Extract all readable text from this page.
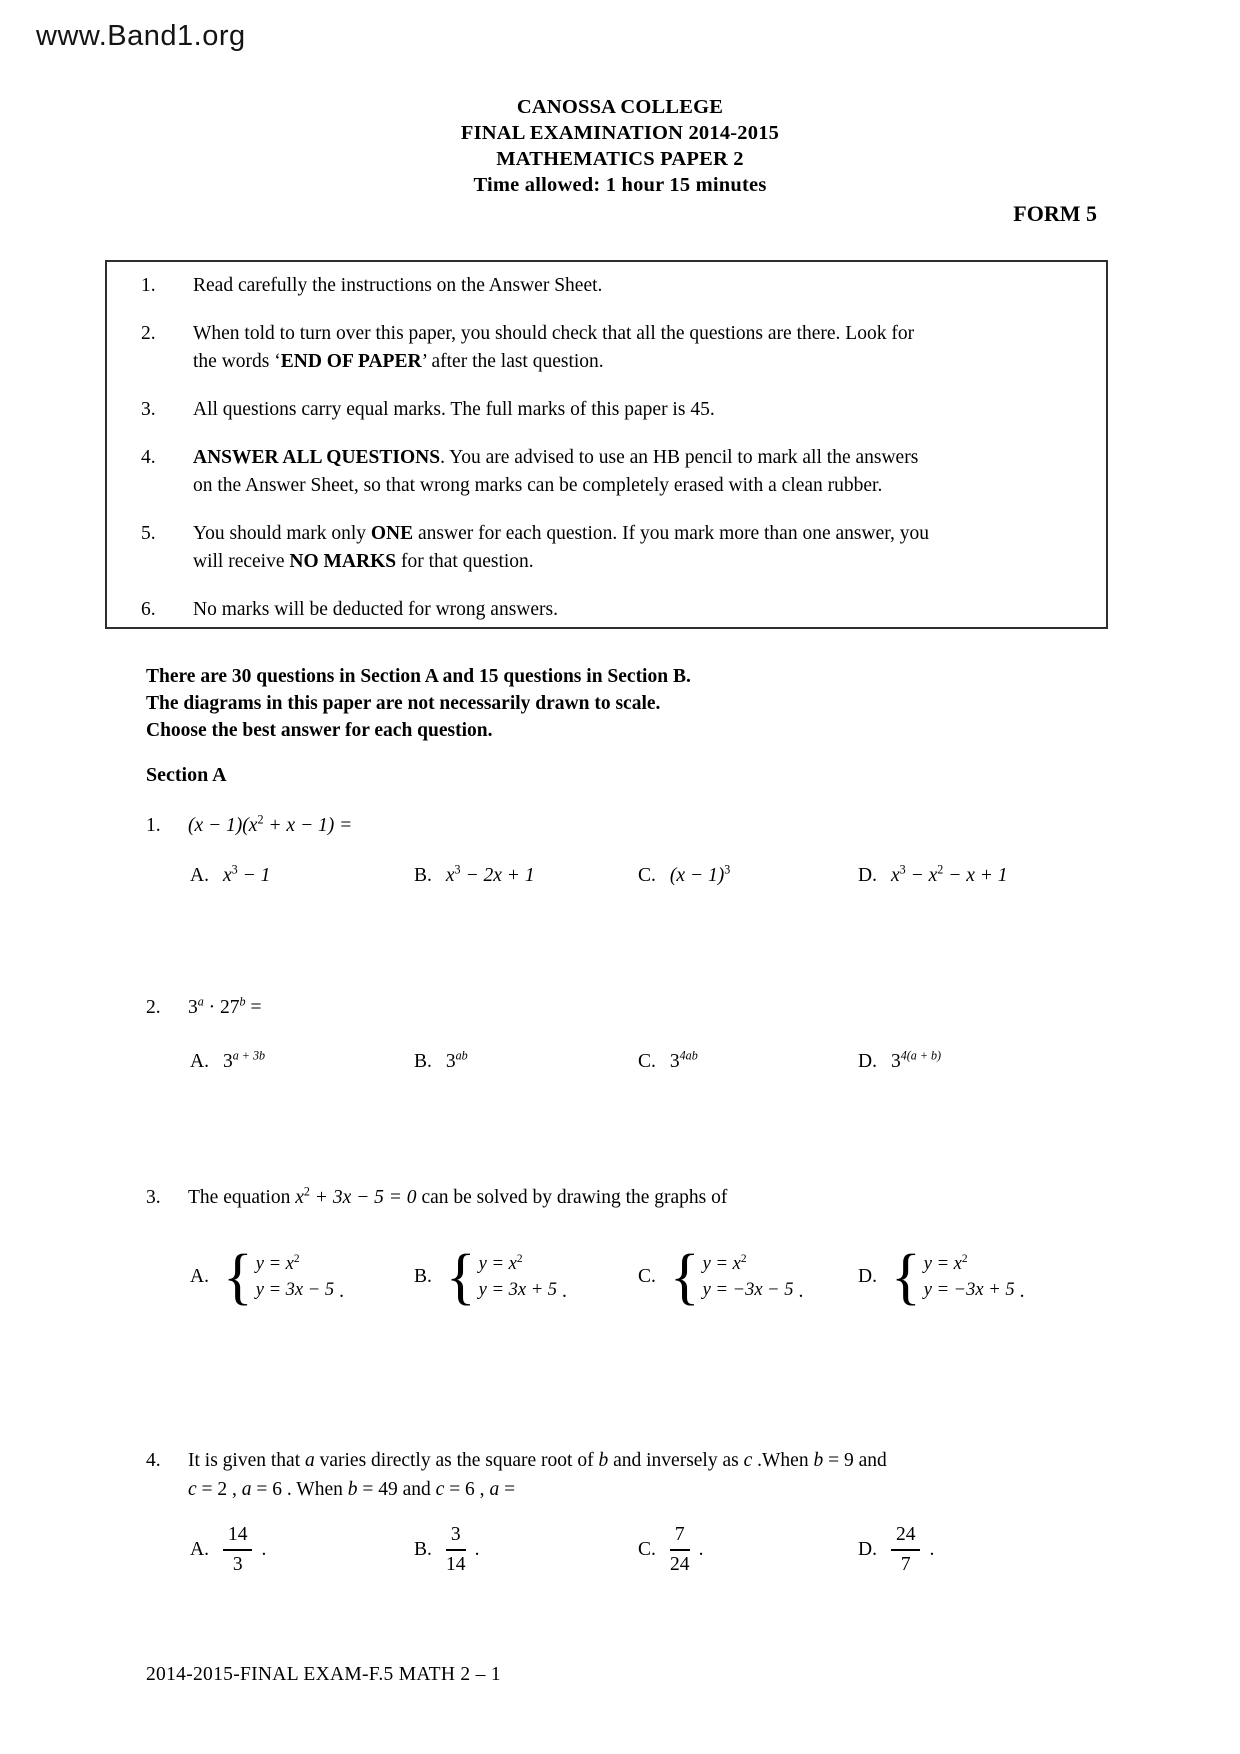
www.Band1.org
CANOSSA COLLEGE
FINAL EXAMINATION 2014-2015
MATHEMATICS PAPER 2
Time allowed: 1 hour 15 minutes
FORM 5
1.	Read carefully the instructions on the Answer Sheet.
2.	When told to turn over this paper, you should check that all the questions are there. Look for
the words ‘END OF PAPER’ after the last question.
3.	All questions carry equal marks. The full marks of this paper is 45.
4.	ANSWER ALL QUESTIONS. You are advised to use an HB pencil to mark all the answers
on the Answer Sheet, so that wrong marks can be completely erased with a clean rubber.
5.	You should mark only ONE answer for each question. If you mark more than one answer, you
will receive NO MARKS for that question.
6.	No marks will be deducted for wrong answers.
There are 30 questions in Section A and 15 questions in Section B.
The diagrams in this paper are not necessarily drawn to scale.
Choose the best answer for each question.
Section A
1.	$(x - 1)(x^2 + x - 1)$ =
A. $x^3 - 1$	B. $x^3 - 2x + 1$	C. $(x - 1)^3$	D. $x^3 - x^2 - x + 1$
2.	$3^a \cdot 27^b$ =
A. $3^{a + 3b}$	B. $3^{ab}$	C. $3^{4ab}$	D. $3^{4(a + b)}$
3.	The equation $x^2 + 3x - 5 = 0$ can be solved by drawing the graphs of
A. { $y = x^2$
y = 3x − 5 .
B. { $y = x^2$
y = 3x + 5 .
C. { $y = x^2$
y = −3x − 5 .
D. { $y = x^2$
y = −3x + 5 .
4.	It is given that a varies directly as the square root of b and inversely as c .When b = 9 and
c = 2 , a = 6 . When b = 49 and c = 6 , a =
A. $\frac{14}{3}$ .	B. $\frac{3}{14}$ .	C. $\frac{7}{24}$ .	D. $\frac{24}{7}$ .
2014-2015-FINAL EXAM-F.5 MATH 2 – 1
